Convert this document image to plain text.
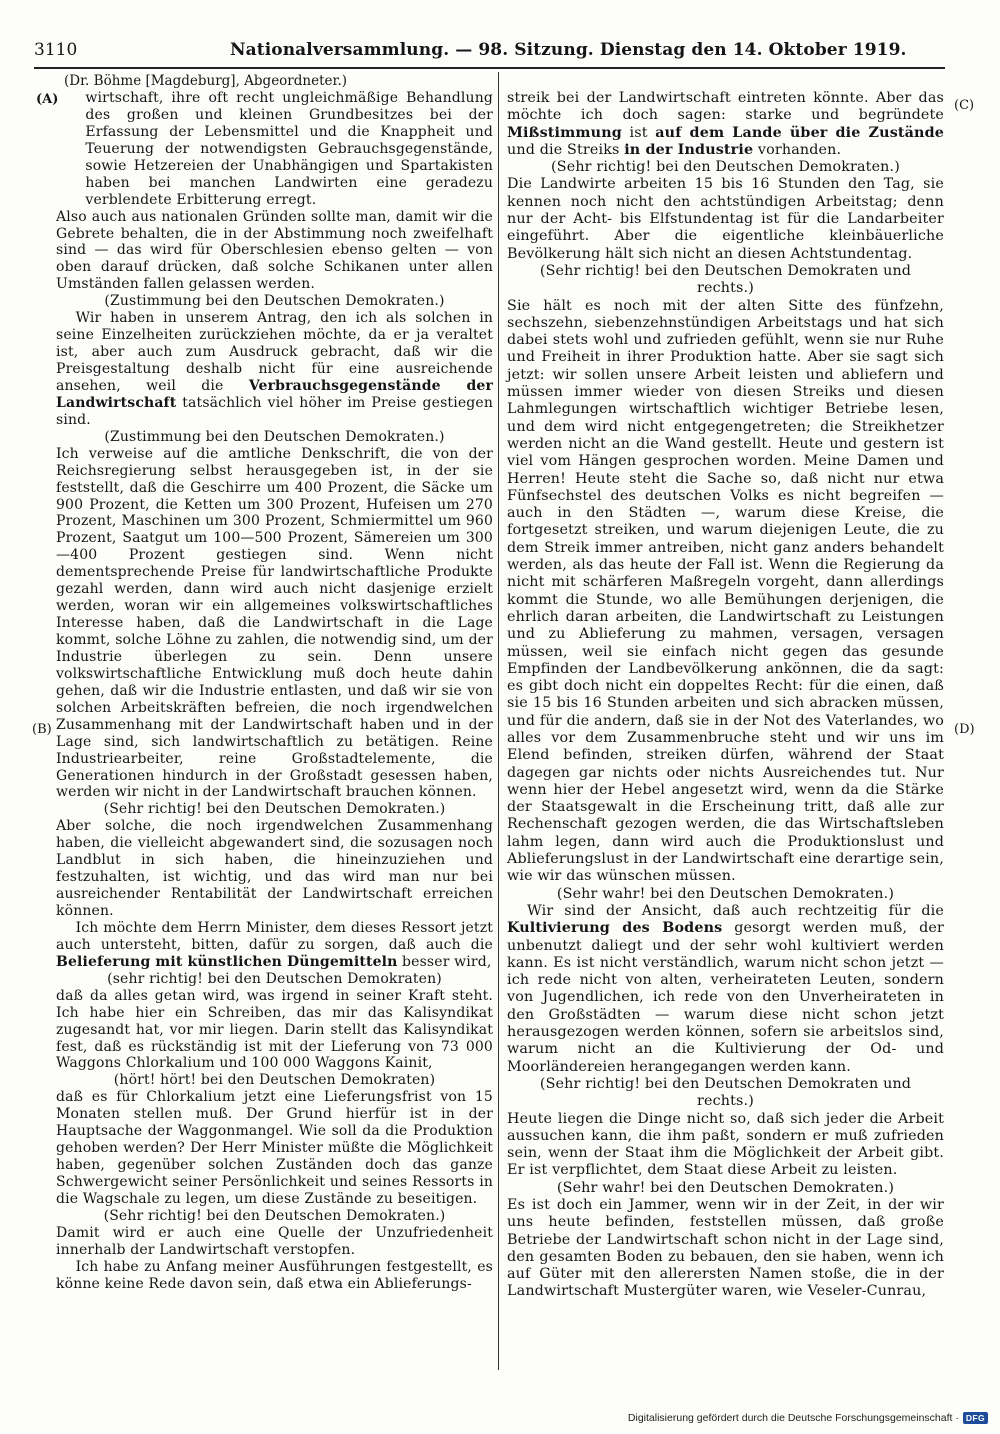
3110	Nationalversammlung. — 98. Sitzung. Dienstag den 14. Oktober 1919.
(Dr. Böhme [Magdeburg], Abgeordneter.)
(A)
(B)
(C)
(D)

wirtschaft, ihre oft recht ungleichmäßige Behandlung des großen und kleinen Grundbesitzes bei der Erfassung der Lebensmittel und die Knappheit und Teuerung der notwendigsten Gebrauchsgegenstände, sowie Hetzereien der Unabhängigen und Spartakisten haben bei manchen Landwirten eine geradezu verblendete Erbitterung erregt.

Also auch aus nationalen Gründen sollte man, damit wir die Gebrete behalten, die in der Abstimmung noch zweifelhaft sind — das wird für Oberschlesien ebenso gelten — von oben darauf drücken, daß solche Schikanen unter allen Umständen fallen gelassen werden.

(Zustimmung bei den Deutschen Demokraten.)

Wir haben in unserem Antrag, den ich als solchen in seine Einzelheiten zurückziehen möchte, da er ja veraltet ist, aber auch zum Ausdruck gebracht, daß wir die Preisgestaltung deshalb nicht für eine ausreichende ansehen, weil die Verbrauchsgegenstände der Landwirtschaft tatsächlich viel höher im Preise gestiegen sind.

(Zustimmung bei den Deutschen Demokraten.)

Ich verweise auf die amtliche Denkschrift, die von der Reichsregierung selbst herausgegeben ist, in der sie feststellt, daß die Geschirre um 400 Prozent, die Säcke um 900 Prozent, die Ketten um 300 Prozent, Hufeisen um 270 Prozent, Maschinen um 300 Prozent, Schmiermittel um 960 Prozent, Saatgut um 100—500 Prozent, Sämereien um 300—400 Prozent gestiegen sind. Wenn nicht dementsprechende Preise für landwirtschaftliche Produkte gezahl werden, dann wird auch nicht dasjenige erzielt werden, woran wir ein allgemeines volkswirtschaftliches Interesse haben, daß die Landwirtschaft in die Lage kommt, solche Löhne zu zahlen, die notwendig sind, um der Industrie überlegen zu sein. Denn unsere volkswirtschaftliche Entwicklung muß doch heute dahin gehen, daß wir die Industrie entlasten, und daß wir sie von solchen Arbeitskräften befreien, die noch irgendwelchen Zusammenhang mit der Landwirtschaft haben und in der Lage sind, sich landwirtschaftlich zu betätigen. Reine Industriearbeiter, reine Großstadtelemente, die Generationen hindurch in der Großstadt gesessen haben, werden wir nicht in der Landwirtschaft brauchen können.

(Sehr richtig! bei den Deutschen Demokraten.)

Aber solche, die noch irgendwelchen Zusammenhang haben, die vielleicht abgewandert sind, die sozusagen noch Landblut in sich haben, die hineinzuziehen und festzuhalten, ist wichtig, und das wird man nur bei ausreichender Rentabilität der Landwirtschaft erreichen können.

Ich möchte dem Herrn Minister, dem dieses Ressort jetzt auch untersteht, bitten, dafür zu sorgen, daß auch die Belieferung mit künstlichen Düngemitteln besser wird,

(sehr richtig! bei den Deutschen Demokraten)

daß da alles getan wird, was irgend in seiner Kraft steht. Ich habe hier ein Schreiben, das mir das Kalisyndikat zugesandt hat, vor mir liegen. Darin stellt das Kalisyndikat fest, daß es rückständig ist mit der Lieferung von 73 000 Waggons Chlorkalium und 100 000 Waggons Kainit,

(hört! hört! bei den Deutschen Demokraten)

daß es für Chlorkalium jetzt eine Lieferungsfrist von 15 Monaten stellen muß. Der Grund hierfür ist in der Hauptsache der Waggonmangel. Wie soll da die Produktion gehoben werden? Der Herr Minister müßte die Möglichkeit haben, gegenüber solchen Zuständen doch das ganze Schwergewicht seiner Persönlichkeit und seines Ressorts in die Wagschale zu legen, um diese Zustände zu beseitigen.

(Sehr richtig! bei den Deutschen Demokraten.)

Damit wird er auch eine Quelle der Unzufriedenheit innerhalb der Landwirtschaft verstopfen.

Ich habe zu Anfang meiner Ausführungen festgestellt, es könne keine Rede davon sein, daß etwa ein Ablieferungs-

streik bei der Landwirtschaft eintreten könnte. Aber das möchte ich doch sagen: starke und begründete Mißstimmung ist auf dem Lande über die Zustände und die Streiks in der Industrie vorhanden.

(Sehr richtig! bei den Deutschen Demokraten.)

Die Landwirte arbeiten 15 bis 16 Stunden den Tag, sie kennen noch nicht den achtstündigen Arbeitstag; denn nur der Acht- bis Elfstundentag ist für die Landarbeiter eingeführt. Aber die eigentliche kleinbäuerliche Bevölkerung hält sich nicht an diesen Achtstundentag.

(Sehr richtig! bei den Deutschen Demokraten und rechts.)

Sie hält es noch mit der alten Sitte des fünfzehn, sechszehn, siebenzehnstündigen Arbeitstags und hat sich dabei stets wohl und zufrieden gefühlt, wenn sie nur Ruhe und Freiheit in ihrer Produktion hatte. Aber sie sagt sich jetzt: wir sollen unsere Arbeit leisten und abliefern und müssen immer wieder von diesen Streiks und diesen Lahmlegungen wirtschaftlich wichtiger Betriebe lesen, und dem wird nicht entgegengetreten; die Streikhetzer werden nicht an die Wand gestellt. Heute und gestern ist viel vom Hängen gesprochen worden. Meine Damen und Herren! Heute steht die Sache so, daß nicht nur etwa Fünfsechstel des deutschen Volks es nicht begreifen — auch in den Städten —, warum diese Kreise, die fortgesetzt streiken, und warum diejenigen Leute, die zu dem Streik immer antreiben, nicht ganz anders behandelt werden, als das heute der Fall ist. Wenn die Regierung da nicht mit schärferen Maßregeln vorgeht, dann allerdings kommt die Stunde, wo alle Bemühungen derjenigen, die ehrlich daran arbeiten, die Landwirtschaft zu Leistungen und zu Ablieferung zu mahmen, versagen, versagen müssen, weil sie einfach nicht gegen das gesunde Empfinden der Landbevölkerung ankönnen, die da sagt: es gibt doch nicht ein doppeltes Recht: für die einen, daß sie 15 bis 16 Stunden arbeiten und sich abracken müssen, und für die andern, daß sie in der Not des Vaterlandes, wo alles vor dem Zusammenbruche steht und wir uns im Elend befinden, streiken dürfen, während der Staat dagegen gar nichts oder nichts Ausreichendes tut. Nur wenn hier der Hebel angesetzt wird, wenn da die Stärke der Staatsgewalt in die Erscheinung tritt, daß alle zur Rechenschaft gezogen werden, die das Wirtschaftsleben lahm legen, dann wird auch die Produktionslust und Ablieferungslust in der Landwirtschaft eine derartige sein, wie wir das wünschen müssen.

(Sehr wahr! bei den Deutschen Demokraten.)

Wir sind der Ansicht, daß auch rechtzeitig für die Kultivierung des Bodens gesorgt werden muß, der unbenutzt daliegt und der sehr wohl kultiviert werden kann. Es ist nicht verständlich, warum nicht schon jetzt — ich rede nicht von alten, verheirateten Leuten, sondern von Jugendlichen, ich rede von den Unverheirateten in den Großstädten — warum diese nicht schon jetzt herausgezogen werden können, sofern sie arbeitslos sind, warum nicht an die Kultivierung der Od- und Moorländereien herangegangen werden kann.

(Sehr richtig! bei den Deutschen Demokraten und rechts.)

Heute liegen die Dinge nicht so, daß sich jeder die Arbeit aussuchen kann, die ihm paßt, sondern er muß zufrieden sein, wenn der Staat ihm die Möglichkeit der Arbeit gibt. Er ist verpflichtet, dem Staat diese Arbeit zu leisten.

(Sehr wahr! bei den Deutschen Demokraten.)

Es ist doch ein Jammer, wenn wir in der Zeit, in der wir uns heute befinden, feststellen müssen, daß große Betriebe der Landwirtschaft schon nicht in der Lage sind, den gesamten Boden zu bebauen, den sie haben, wenn ich auf Güter mit den allerersten Namen stoße, die in der Landwirtschaft Mustergüter waren, wie Veseler-Cunrau,

Digitalisierung gefördert durch die Deutsche Forschungsgemeinschaft · DFG
